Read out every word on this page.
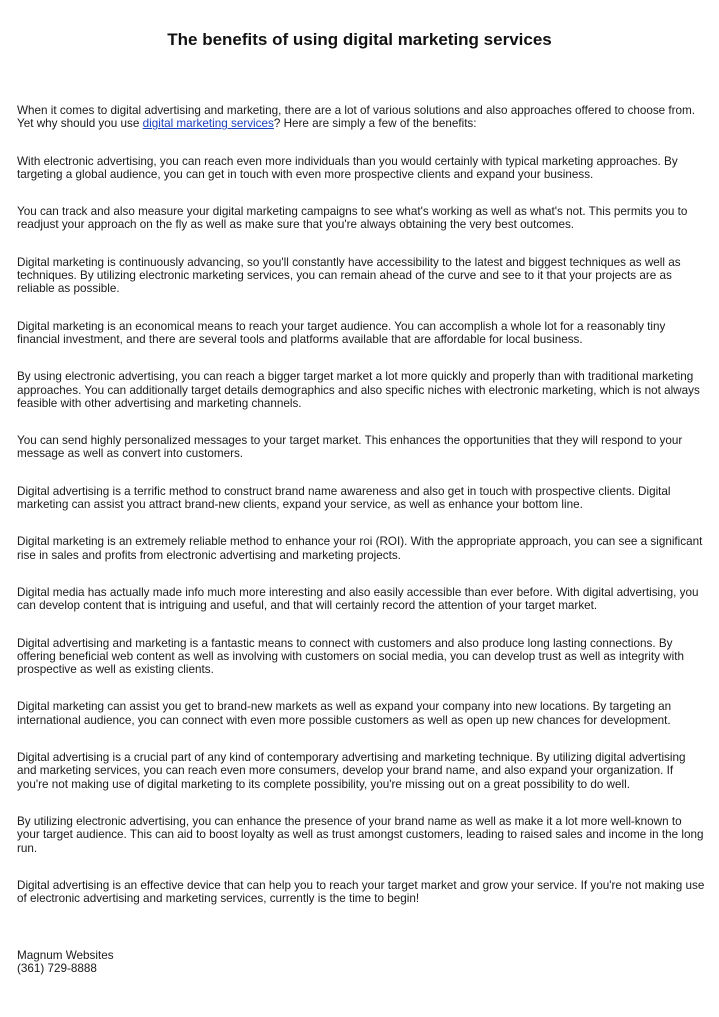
The benefits of using digital marketing services

When it comes to digital advertising and marketing, there are a lot of various solutions and also approaches offered to choose from. Yet why should you use digital marketing services? Here are simply a few of the benefits:

With electronic advertising, you can reach even more individuals than you would certainly with typical marketing approaches. By targeting a global audience, you can get in touch with even more prospective clients and expand your business.

You can track and also measure your digital marketing campaigns to see what's working as well as what's not. This permits you to readjust your approach on the fly as well as make sure that you're always obtaining the very best outcomes.

Digital marketing is continuously advancing, so you'll constantly have accessibility to the latest and biggest techniques as well as techniques. By utilizing electronic marketing services, you can remain ahead of the curve and see to it that your projects are as reliable as possible.

Digital marketing is an economical means to reach your target audience. You can accomplish a whole lot for a reasonably tiny financial investment, and there are several tools and platforms available that are affordable for local business.

By using electronic advertising, you can reach a bigger target market a lot more quickly and properly than with traditional marketing approaches. You can additionally target details demographics and also specific niches with electronic marketing, which is not always feasible with other advertising and marketing channels.

You can send highly personalized messages to your target market. This enhances the opportunities that they will respond to your message as well as convert into customers.

Digital advertising is a terrific method to construct brand name awareness and also get in touch with prospective clients. Digital marketing can assist you attract brand-new clients, expand your service, as well as enhance your bottom line.

Digital marketing is an extremely reliable method to enhance your roi (ROI). With the appropriate approach, you can see a significant rise in sales and profits from electronic advertising and marketing projects.

Digital media has actually made info much more interesting and also easily accessible than ever before. With digital advertising, you can develop content that is intriguing and useful, and that will certainly record the attention of your target market.

Digital advertising and marketing is a fantastic means to connect with customers and also produce long lasting connections. By offering beneficial web content as well as involving with customers on social media, you can develop trust as well as integrity with prospective as well as existing clients.

Digital marketing can assist you get to brand-new markets as well as expand your company into new locations. By targeting an international audience, you can connect with even more possible customers as well as open up new chances for development.

Digital advertising is a crucial part of any kind of contemporary advertising and marketing technique. By utilizing digital advertising and marketing services, you can reach even more consumers, develop your brand name, and also expand your organization. If you're not making use of digital marketing to its complete possibility, you're missing out on a great possibility to do well.

By utilizing electronic advertising, you can enhance the presence of your brand name as well as make it a lot more well-known to your target audience. This can aid to boost loyalty as well as trust amongst customers, leading to raised sales and income in the long run.

Digital advertising is an effective device that can help you to reach your target market and grow your service. If you're not making use of electronic advertising and marketing services, currently is the time to begin!

Magnum Websites
(361) 729-8888
